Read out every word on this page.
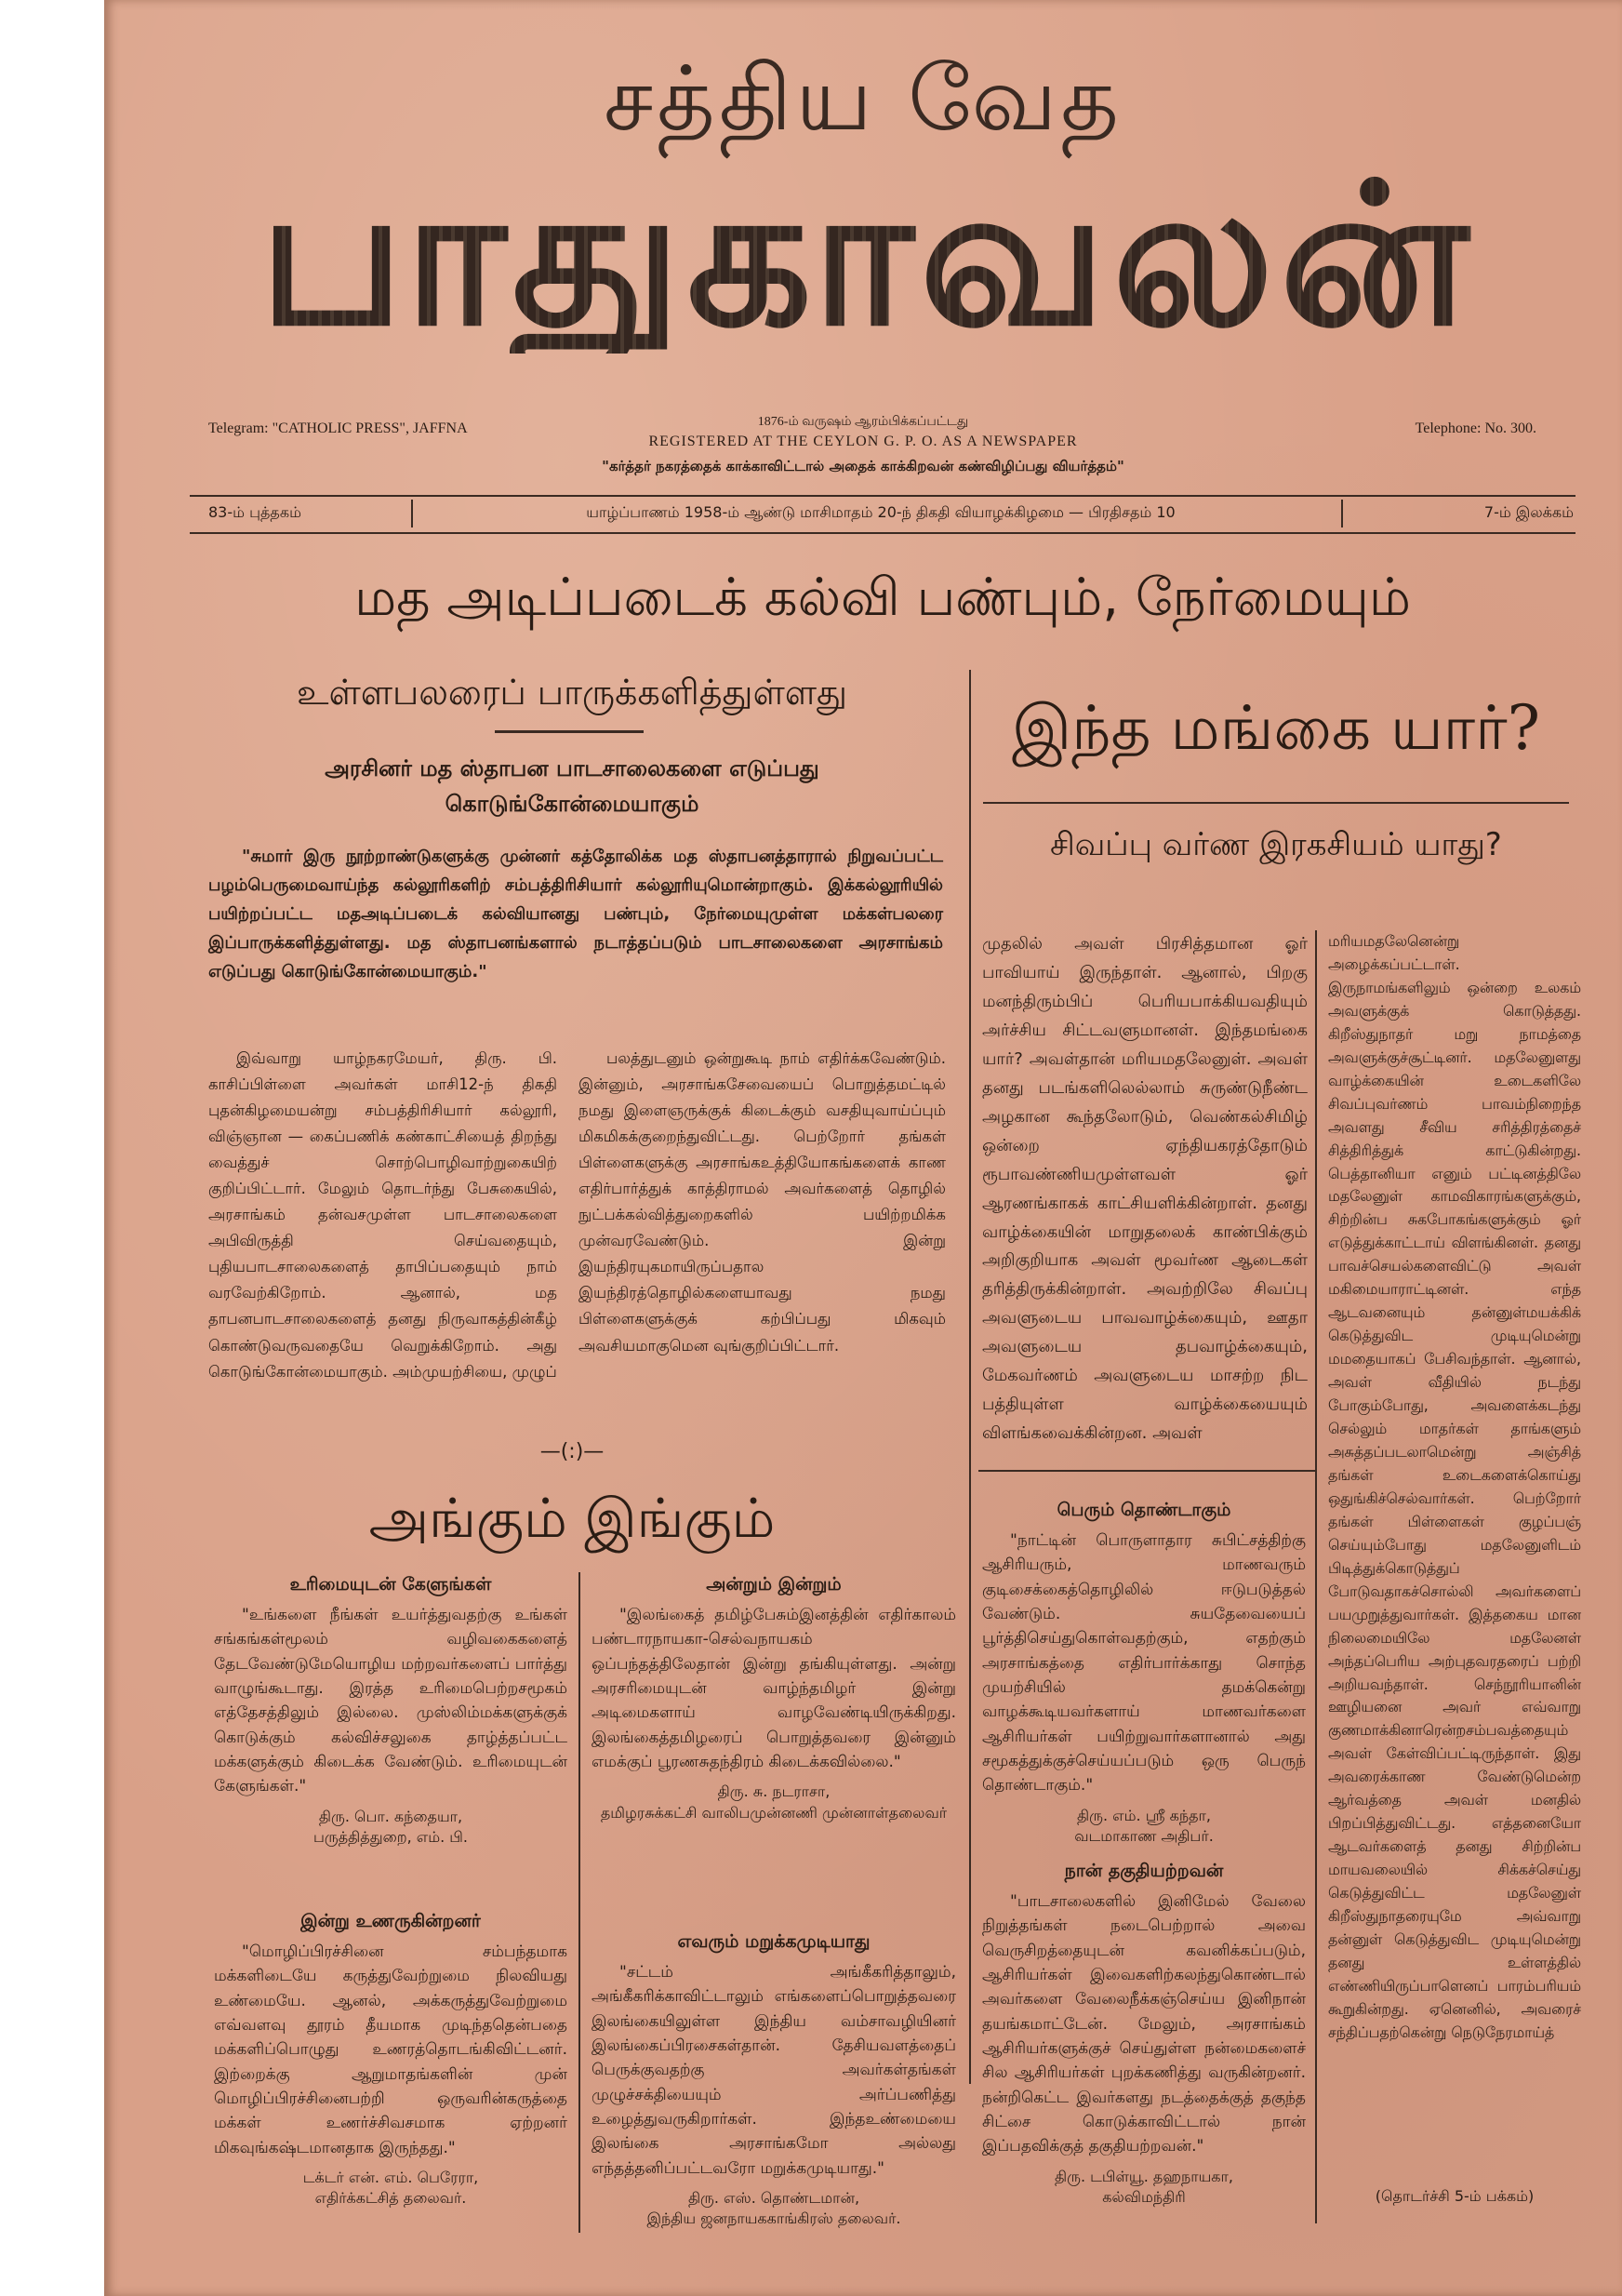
சத்திய வேத
பாதுகாவலன்
Telegram: "CATHOLIC PRESS", JAFFNA	1876-ம் வருஷம் ஆரம்பிக்கப்பட்டது
REGISTERED AT THE CEYLON G. P. O. AS A NEWSPAPER
Telephone: No. 300.
"கர்த்தர் நகரத்தைக் காக்காவிட்டால் அதைக் காக்கிறவன் கண்விழிப்பது வியர்த்தம்"
83-ம் புத்தகம்	யாழ்ப்பாணம் 1958-ம் ஆண்டு மாசிமாதம் 20-ந் திகதி வியாழக்கிழமை — பிரதிசதம் 10	7-ம் இலக்கம்
மத அடிப்படைக் கல்வி பண்பும், நேர்மையும்
உள்ளபலரைப் பாருக்களித்துள்ளது
அரசினர் மத ஸ்தாபன பாடசாலைகளை எடுப்பது
கொடுங்கோன்மையாகும்
"சுமார் இரு நூற்றாண்டுகளுக்கு முன்னர் கத்தோலிக்க மத ஸ்தாபனத்தாரால் நிறுவப்பட்ட பழம்பெருமைவாய்ந்த கல்லூரிகளிற் சம்பத்திரிசியார் கல்லூரியுமொன்றாகும். இக்கல்லூரியில் பயிற்றப்பட்ட மதஅடிப்படைக் கல்வியானது பண்பும், நேர்மையுமுள்ள மக்கள்பலரை இப்பாருக்களித்துள்ளது. மத ஸ்தாபனங்களால் நடாத்தப்படும் பாடசாலைகளை அரசாங்கம் எடுப்பது கொடுங்கோன்மையாகும்."
இவ்வாறு யாழ்நகரமேயர், திரு. பி. காசிப்பிள்ளை அவர்கள் மாசி12-ந் திகதி புதன்கிழமையன்று சம்பத்திரிசியார் கல்லூரி, விஞ்ஞான — கைப்பணிக் கண்காட்சியைத் திறந்து வைத்துச் சொற்பொழிவாற்றுகையிற் குறிப்பிட்டார். மேலும் தொடர்ந்து பேசுகையில், அரசாங்கம் தன்வசமுள்ள பாடசாலைகளை அபிவிருத்தி செய்வதையும், புதியபாடசாலைகளைத் தாபிப்பதையும் நாம் வரவேற்கிறோம். ஆனால், மத தாபனபாடசாலைகளைத் தனது நிருவாகத்தின்கீழ் கொண்டுவருவதையே வெறுக்கிறோம். அது கொடுங்கோன்மையாகும். அம்முயற்சியை, முழுப்
பலத்துடனும் ஒன்றுகூடி நாம் எதிர்க்கவேண்டும். இன்னும், அரசாங்கசேவையைப் பொறுத்தமட்டில் நமது இளைஞருக்குக் கிடைக்கும் வசதியுவாய்ப்பும் மிகமிகக்குறைந்துவிட்டது. பெற்றோர் தங்கள் பிள்ளைகளுக்கு அரசாங்கஉத்தியோகங்களைக் காண எதிர்பார்த்துக் காத்திராமல் அவர்களைத் தொழில் நுட்பக்கல்வித்துறைகளில் பயிற்றமிக்க முன்வரவேண்டும். இன்று இயந்திரயுகமாயிருப்பதால இயந்திரத்தொழில்களையாவது நமது பிள்ளைகளுக்குக் கற்பிப்பது மிகவும் அவசியமாகுமென வுங்குறிப்பிட்டார்.
—(:)—
இந்த மங்கை யார்?
சிவப்பு வர்ண இரகசியம் யாது?
முதலில் அவள் பிரசித்தமான ஓர் பாவியாய் இருந்தாள். ஆனால், பிறகு மனந்திரும்பிப் பெரியபாக்கியவதியும் அர்ச்சிய சிட்டவளுமானள். இந்தமங்கை யார்? அவள்தான் மரியமதலேனுள். அவள் தனது படங்களிலெல்லாம் சுருண்டுநீண்ட அழகான கூந்தலோடும், வெண்கல்சிமிழ் ஒன்றை ஏந்தியகரத்தோடும் ரூபாவண்ணியமுள்ளவள் ஓர் ஆரணங்காகக் காட்சியளிக்கின்றாள். தனது வாழ்க்கையின் மாறுதலைக் காண்பிக்கும் அறிகுறியாக அவள் மூவர்ண ஆடைகள் தரித்திருக்கின்றாள். அவற்றிலே சிவப்பு அவளுடைய பாவவாழ்க்கையும், ஊதா அவளுடைய தபவாழ்க்கையும், மேகவர்ணம் அவளுடைய மாசற்ற நிட பத்தியுள்ள வாழ்க்கையையும் விளங்கவைக்கின்றன. அவள்
மரியமதலேனென்று அழைக்கப்பட்டாள். இருநாமங்களிலும் ஒன்றை உலகம் அவளுக்குக் கொடுத்தது. கிறீஸ்துநாதர் மறு நாமத்தை அவளுக்குச்சூட்டினர். மதலேனுளது வாழ்க்கையின் உடைகளிலே சிவப்புவர்ணம் பாவம்நிறைந்த அவளது சீவிய சரித்திரத்தைச் சித்திரித்துக் காட்டுகின்றது. பெத்தானியா எனும் பட்டினத்திலே மதலேனுள் காமவிகாரங்களுக்கும், சிற்றின்ப சுகபோகங்களுக்கும் ஓர் எடுத்துக்காட்டாய் விளங்கினள். தனது பாவச்செயல்களைவிட்டு அவள் மகிமையாராட்டினள். எந்த ஆடவனையும் தன்னுள்மயக்கிக் கெடுத்துவிட முடியுமென்று மமதையாகப் பேசிவந்தாள். ஆனால், அவள் வீதியில் நடந்து போகும்போது, அவளைக்கடந்து செல்லும் மாதர்கள் தாங்களும் அசுத்தப்படலாமென்று அஞ்சித் தங்கள் உடைகளைக்கொய்து ஒதுங்கிச்செல்வார்கள். பெற்றோர் தங்கள் பிள்ளைகள் குழப்பஞ் செய்யும்போது மதலேனுளிடம் பிடித்துக்கொடுத்துப் போடுவதாகச்சொல்லி அவர்களைப் பயமுறுத்துவார்கள். இத்தகைய மான நிலைமையிலே மதலேனள் அந்தப்பெரிய அற்புதவரதரைப் பற்றி அறியவந்தாள். செந்நூரியானின் ஊழியனை அவர் எவ்வாறு குணமாக்கினாரென்றசம்பவத்தையும் அவள் கேள்விப்பட்டிருந்தாள். இது அவரைக்காண வேண்டுமென்ற ஆர்வத்தை அவள் மனதில் பிறப்பித்துவிட்டது. எத்தனையோ ஆடவர்களைத் தனது சிற்றின்ப மாயவலையில் சிக்கச்செய்து கெடுத்துவிட்ட மதலேனுள் கிறீஸ்துநாதரையுமே அவ்வாறு தன்னுள் கெடுத்துவிட முடியுமென்று தனது உள்ளத்தில் எண்ணியிருப்பாளெனப் பாரம்பரியம் கூறுகின்றது. ஏனெனில், அவரைச் சந்திப்பதற்கென்று நெடுநேரமாய்த்
(தொடர்ச்சி 5-ம் பக்கம்)
அங்கும் இங்கும்
உரிமையுடன் கேளுங்கள்

"உங்களை நீங்கள் உயர்த்துவதற்கு உங்கள் சங்கங்கள்மூலம் வழிவகைகளைத் தேடவேண்டுமேயொழிய மற்றவர்களைப் பார்த்து வாழுங்கூடாது. இரத்த உரிமைபெற்றசமூகம் எத்தேசத்திலும் இல்லை. முஸ்லிம்மக்களுக்குக் கொடுக்கும் கல்விச்சலுகை தாழ்த்தப்பட்ட மக்களுக்கும் கிடைக்க வேண்டும். உரிமையுடன் கேளுங்கள்."

திரு. பொ. கந்தையா,
பருத்தித்துறை, எம். பி.
இன்று உணருகின்றனர்

"மொழிப்பிரச்சினை சம்பந்தமாக மக்களிடையே கருத்துவேற்றுமை நிலவியது உண்மையே. ஆனல், அக்கருத்துவேற்றுமை எவ்வளவு தூரம் தீயமாக முடிந்ததென்பதை மக்களிப்பொழுது உணரத்தொடங்கிவிட்டனர். இற்றைக்கு ஆறுமாதங்களின் முன் மொழிப்பிரச்சினைபற்றி ஒருவரின்கருத்தை மக்கள் உணர்ச்சிவசமாக ஏற்றனர் மிகவுங்கஷ்டமானதாக இருந்தது."

டக்டர் என். எம். பெரேரா,
எதிர்க்கட்சித் தலைவர்.
அன்றும் இன்றும்

"இலங்கைத் தமிழ்பேசும்இனத்தின் எதிர்காலம் பண்டாரநாயகா-செல்வநாயகம் ஒப்பந்தத்திலேதான் இன்று தங்கியுள்ளது. அன்று அரசரிமையுடன் வாழ்ந்தமிழர் இன்று அடிமைகளாய் வாழவேண்டியிருக்கிறது. இலங்கைத்தமிழரைப் பொறுத்தவரை இன்னும் எமக்குப் பூரணசுதந்திரம் கிடைக்கவில்லை."

திரு. சு. நடராசா,
தமிழரசுக்கட்சி வாலிபமுன்னணி முன்னாள்தலைவர்
எவரும் மறுக்கமுடியாது

"சட்டம் அங்கீகரித்தாலும், அங்கீகரிக்காவிட்டாலும் எங்களைப்பொறுத்தவரை இலங்கையிலுள்ள இந்திய வம்சாவழியினர் இலங்கைப்பிரசைகள்தான். தேசியவளத்தைப் பெருக்குவதற்கு அவர்கள்தங்கள் முழுச்சக்தியையும் அர்ப்பணித்து உழைத்துவருகிறார்கள். இந்தஉண்மையை இலங்கை அரசாங்கமோ அல்லது எந்தத்தனிப்பட்டவரோ மறுக்கமுடியாது."

திரு. எஸ். தொண்டமான்,
இந்திய ஜனநாயககாங்கிரஸ் தலைவர்.
பெரும் தொண்டாகும்

"நாட்டின் பொருளாதார சுபிட்சத்திற்கு ஆசிரியரும், மாணவரும் குடிசைக்கைத்தொழிலில் ஈடுபடுத்தல் வேண்டும். சுயதேவையைப் பூர்த்திசெய்துகொள்வதற்கும், எதற்கும் அரசாங்கத்தை எதிர்பார்க்காது சொந்த முயற்சியில் தமக்கென்று வாழக்கூடியவர்களாய் மாணவர்களை ஆசிரியர்கள் பயிற்றுவார்களானால் அது சமூகத்துக்குச்செய்யப்படும் ஒரு பெருந் தொண்டாகும்."

திரு. எம். ஸ்ரீ கந்தா,
வடமாகாண அதிபர்.
நான் தகுதியற்றவன்

"பாடசாலைகளில் இனிமேல் வேலை நிறுத்தங்கள் நடைபெற்றால் அவை வெருசிறத்தையுடன் கவனிக்கப்படும், ஆசிரியர்கள் இவைகளிற்கலந்துகொண்டால் அவர்களை வேலைநீக்கஞ்செய்ய இனிநான் தயங்கமாட்டேன். மேலும், அரசாங்கம் ஆசிரியர்களுக்குச் செய்துள்ள நன்மைகளைச் சில ஆசிரியர்கள் புறக்கணித்து வருகின்றனர். நன்றிகெட்ட இவர்களது நடத்தைக்குத் தகுந்த சிட்சை கொடுக்காவிட்டால் நான் இப்பதவிக்குத் தகுதியற்றவன்."

திரு. டபிள்யூ. தஹநாயகா,
கல்விமந்திரி
